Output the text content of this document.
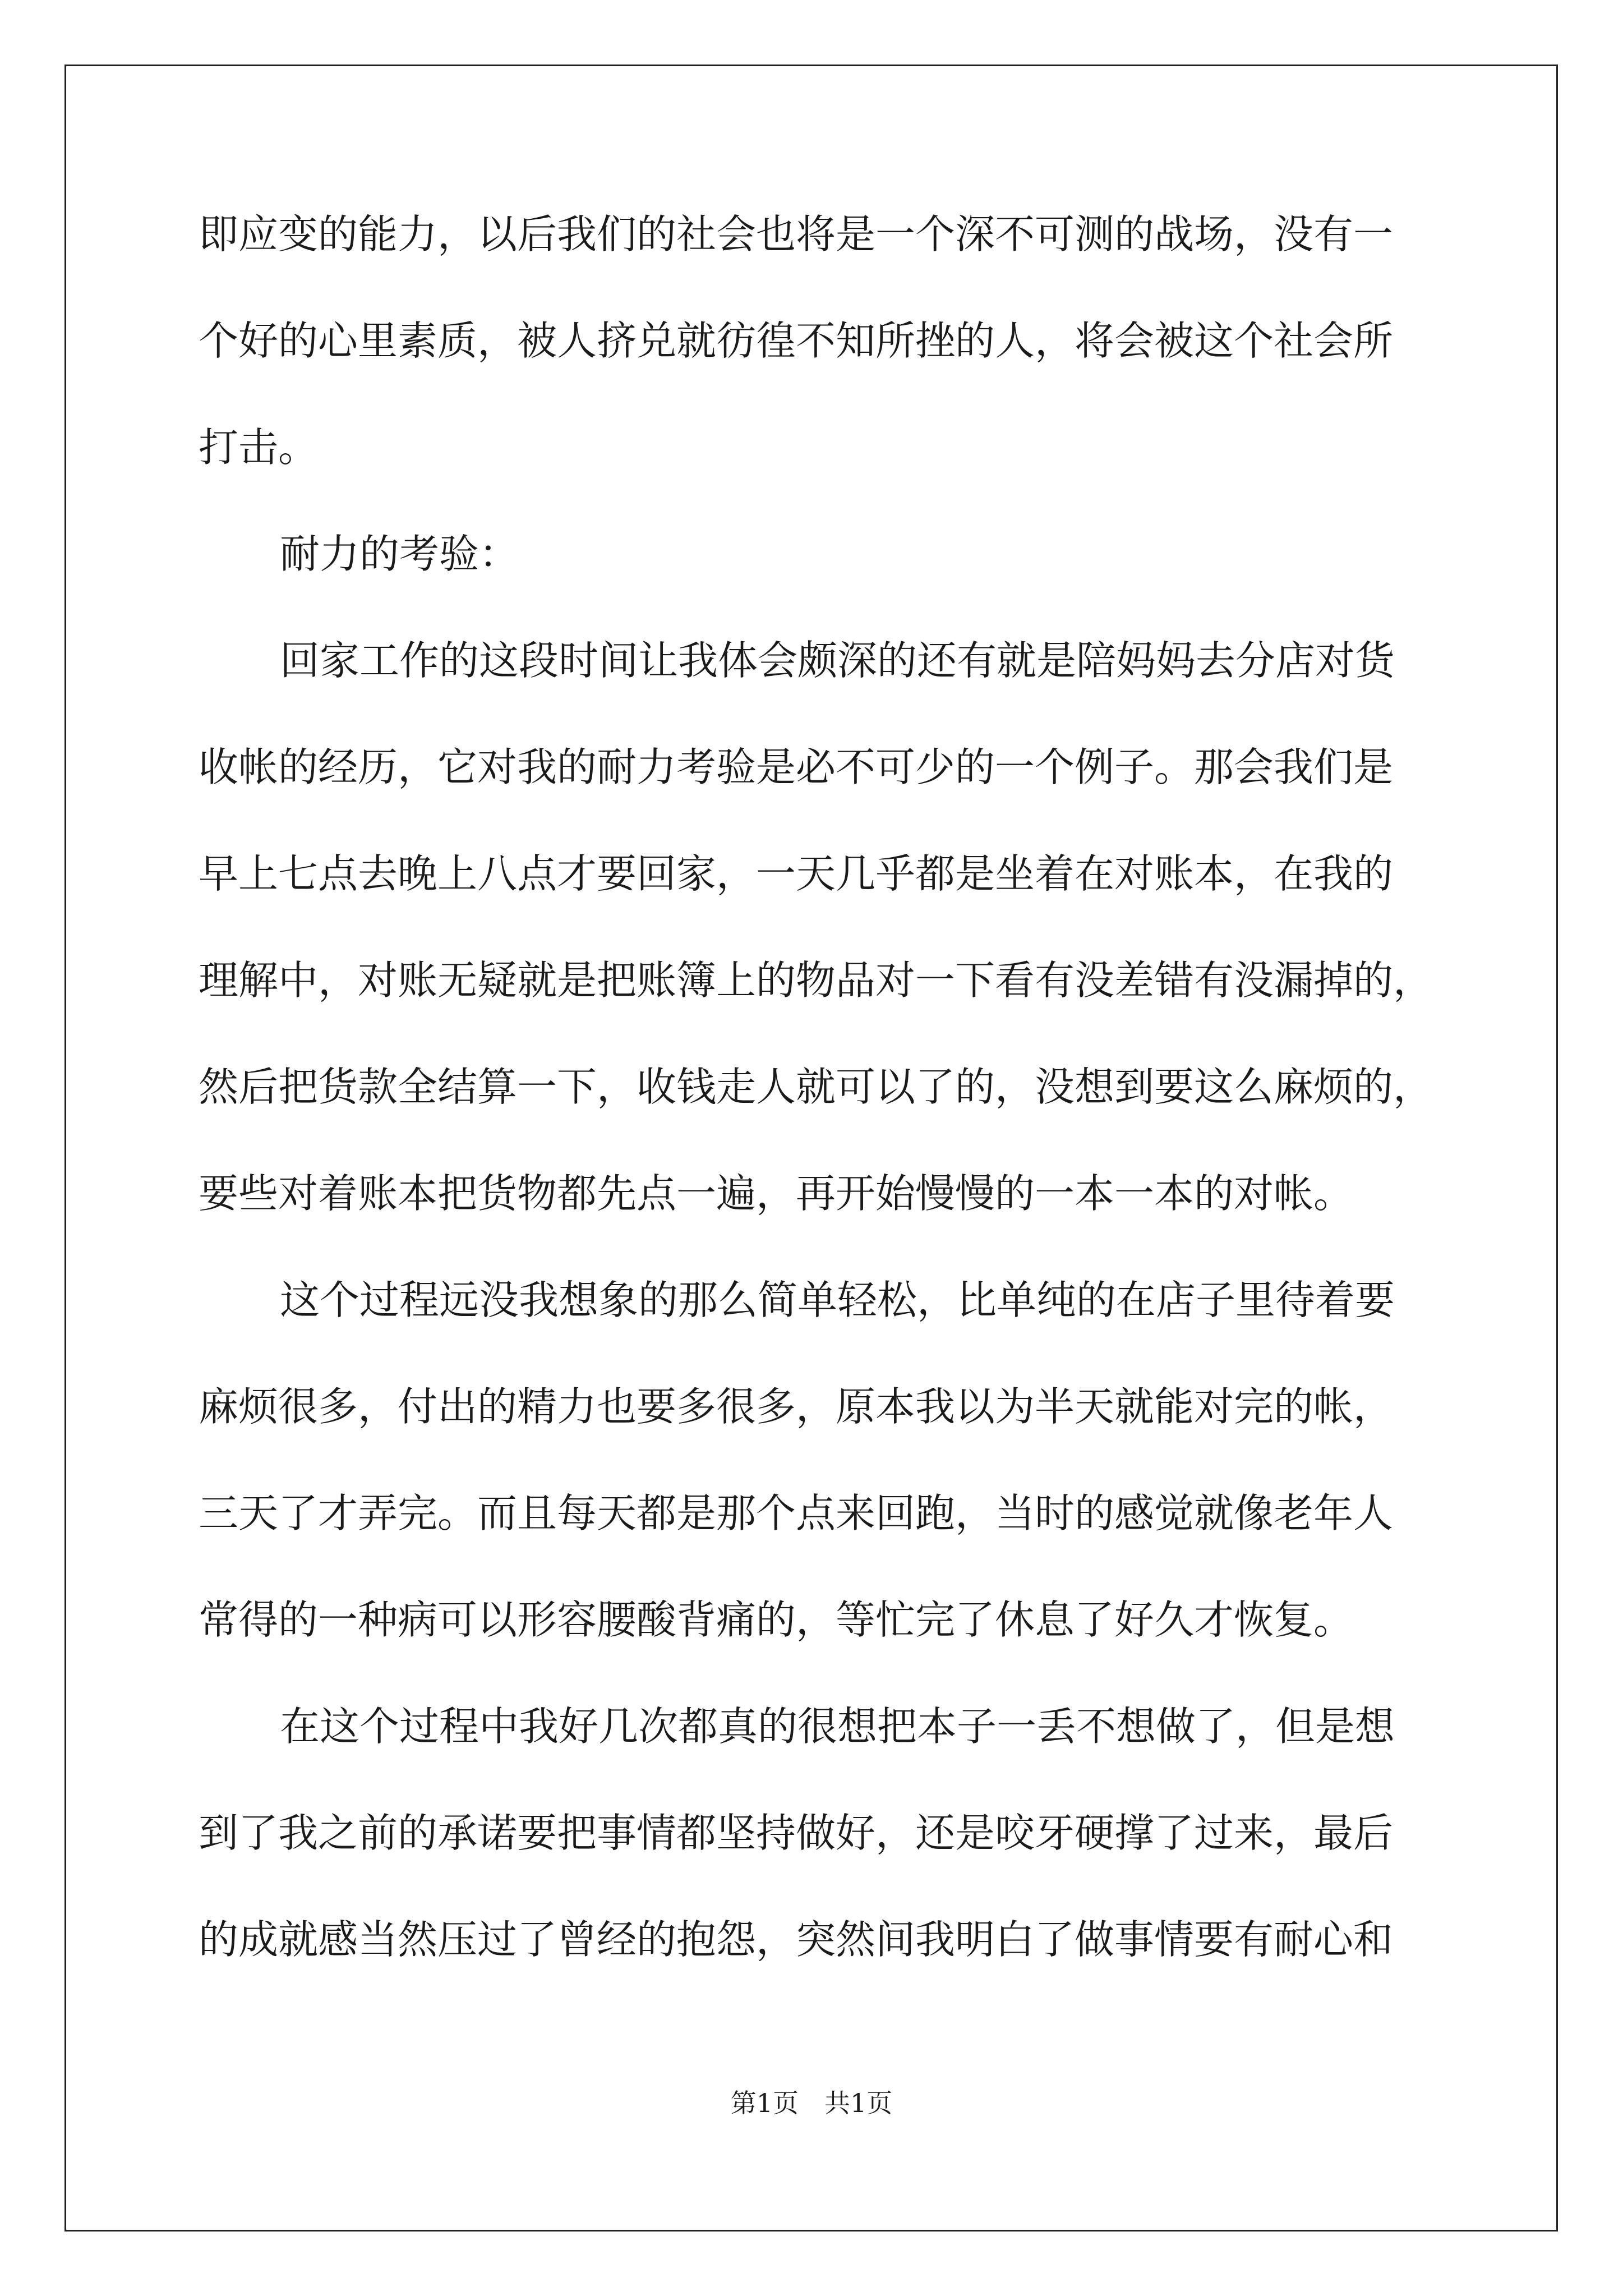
即应变的能力，以后我们的社会也将是一个深不可测的战场，没有一
个好的心里素质，被人挤兑就彷徨不知所挫的人，将会被这个社会所
打击。
耐力的考验：
回家工作的这段时间让我体会颇深的还有就是陪妈妈去分店对货
收帐的经历，它对我的耐力考验是必不可少的一个例子。那会我们是
早上七点去晚上八点才要回家，一天几乎都是坐着在对账本，在我的
理解中，对账无疑就是把账簿上的物品对一下看有没差错有没漏掉的，
然后把货款全结算一下，收钱走人就可以了的，没想到要这么麻烦的，
要些对着账本把货物都先点一遍，再开始慢慢的一本一本的对帐。
这个过程远没我想象的那么简单轻松，比单纯的在店子里待着要
麻烦很多，付出的精力也要多很多，原本我以为半天就能对完的帐，
三天了才弄完。而且每天都是那个点来回跑，当时的感觉就像老年人
常得的一种病可以形容腰酸背痛的，等忙完了休息了好久才恢复。
在这个过程中我好几次都真的很想把本子一丢不想做了，但是想
到了我之前的承诺要把事情都坚持做好，还是咬牙硬撑了过来，最后
的成就感当然压过了曾经的抱怨，突然间我明白了做事情要有耐心和
第1页　共1页
